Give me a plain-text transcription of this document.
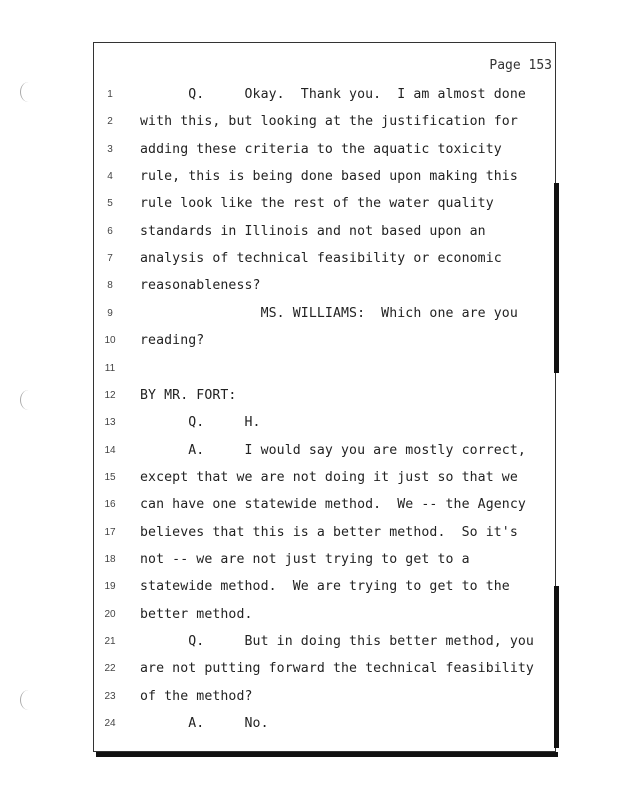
Page 153
1	Q.     Okay.  Thank you.  I am almost done
2	with this, but looking at the justification for
3	adding these criteria to the aquatic toxicity
4	rule, this is being done based upon making this
5	rule look like the rest of the water quality
6	standards in Illinois and not based upon an
7	analysis of technical feasibility or economic
8	reasonableness?
9	MS. WILLIAMS:  Which one are you
10	reading?
11
12	BY MR. FORT:
13	Q.     H.
14	A.     I would say you are mostly correct,
15	except that we are not doing it just so that we
16	can have one statewide method.  We -- the Agency
17	believes that this is a better method.  So it's
18	not -- we are not just trying to get to a
19	statewide method.  We are trying to get to the
20	better method.
21	Q.     But in doing this better method, you
22	are not putting forward the technical feasibility
23	of the method?
24	A.     No.
